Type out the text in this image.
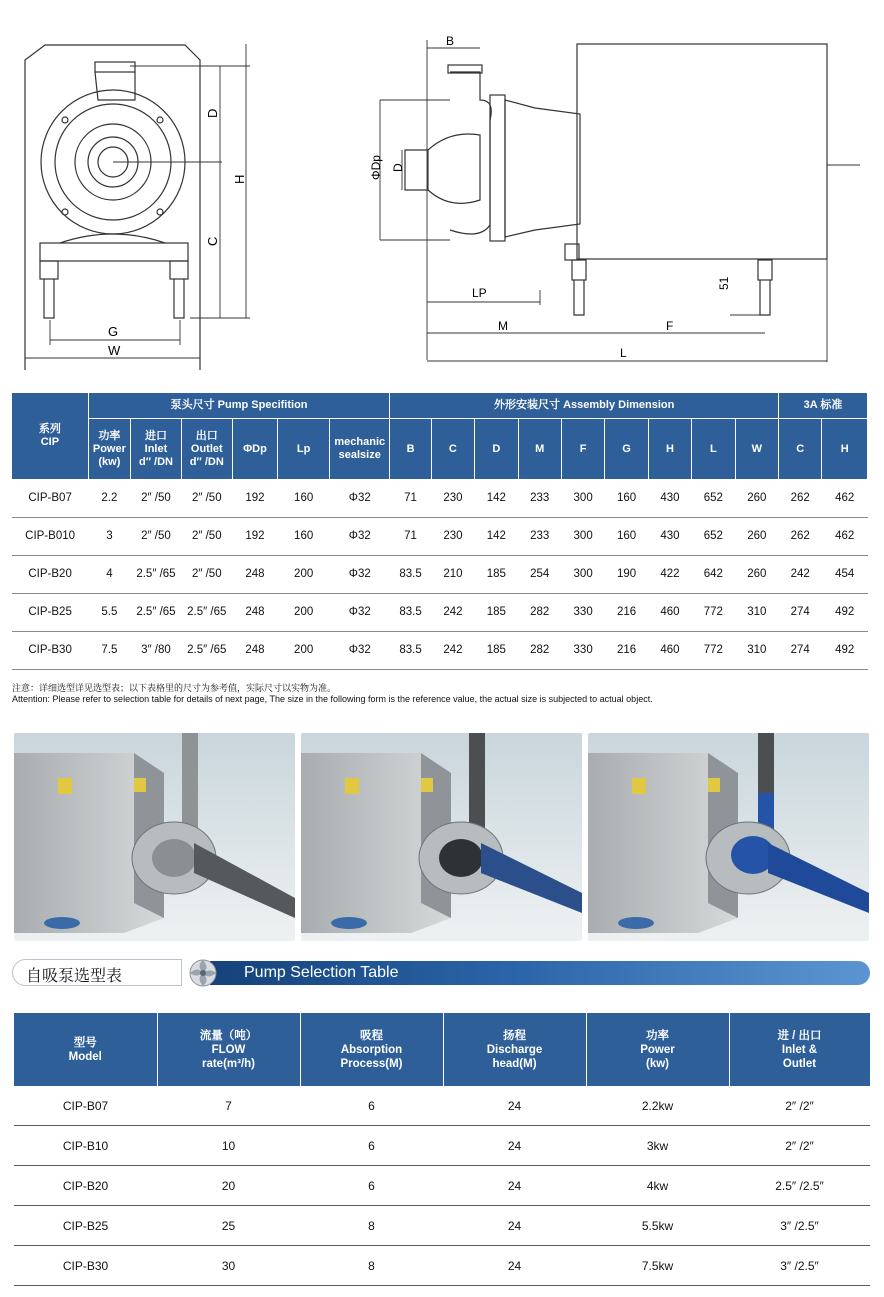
D
H
C
G
W
B
ΦDp D
LP
M	F
L
51
系列
CIP	泵头尺寸 Pump Specifition						外形安装尺寸 Assembly Dimension									3A 标准	
	功率
Power
(kw)	进口
Inlet
d″ /DN	出口
Outlet
d″ /DN	ΦDp	Lp	mechanic
sealsize	B	C	D	M	F	G	H	L	W	C	H
CIP-B07	2.2	2″ /50	2″ /50	192	160	Φ32	71	230	142	233	300	160	430	652	260	262	462
CIP-B010	3	2″ /50	2″ /50	192	160	Φ32	71	230	142	233	300	160	430	652	260	262	462
CIP-B20	4	2.5″ /65	2″ /50	248	200	Φ32	83.5	210	185	254	300	190	422	642	260	242	454
CIP-B25	5.5	2.5″ /65	2.5″ /65	248	200	Φ32	83.5	242	185	282	330	216	460	772	310	274	492
CIP-B30	7.5	3″ /80	2.5″ /65	248	200	Φ32	83.5	242	185	282	330	216	460	772	310	274	492
注意：详细选型详见选型表；以下表格里的尺寸为参考值，实际尺寸以实物为准。
Attention: Please refer to selection table for details of next page, The size in the following form is the reference value, the actual size is subjected to actual object.
自吸泵选型表	Pump Selection Table
型号
Model	流量（吨）
FLOW
rate(m³/h)	吸程
Absorption
Process(M)	扬程
Discharge
head(M)	功率
Power
(kw)	进 / 出口
Inlet &
Outlet
CIP-B07	7	6	24	2.2kw	2″ /2″
CIP-B10	10	6	24	3kw	2″ /2″
CIP-B20	20	6	24	4kw	2.5″ /2.5″
CIP-B25	25	8	24	5.5kw	3″ /2.5″
CIP-B30	30	8	24	7.5kw	3″ /2.5″
